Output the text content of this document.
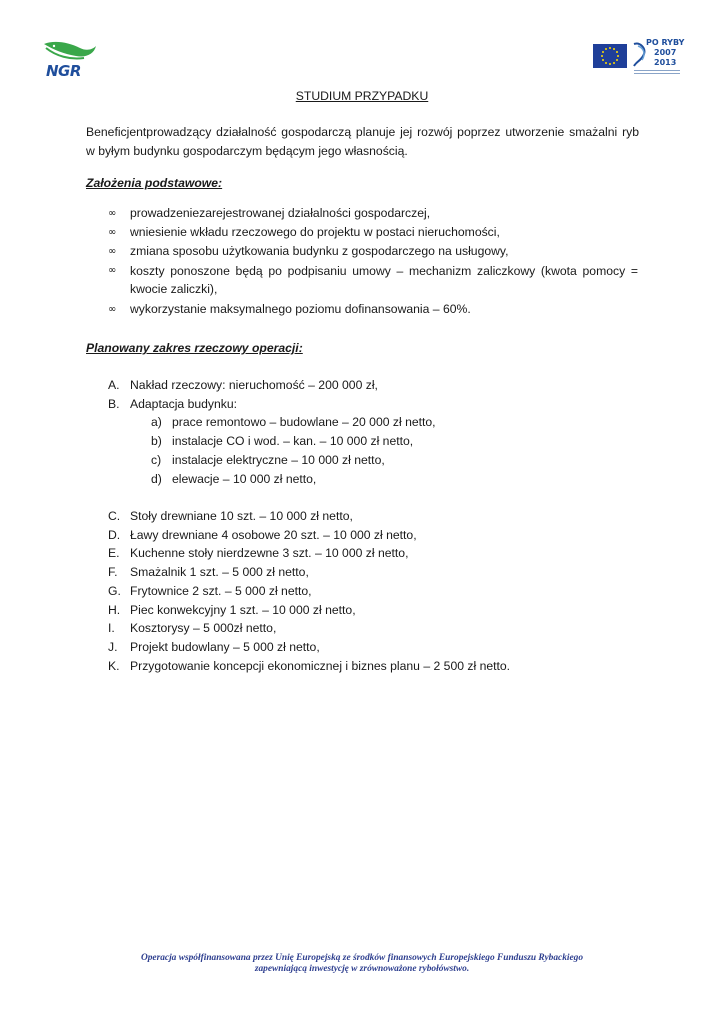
NGR
PO RYBY
2007
2013
STUDIUM PRZYPADKU
Beneficjentprowadzący działalność gospodarczą planuje jej rozwój poprzez utworzenie smażalni ryb
w byłym budynku gospodarczym będącym jego własnością.
Założenia podstawowe:
∞ prowadzeniezarejestrowanej działalności gospodarczej,
∞ wniesienie wkładu rzeczowego do projektu w postaci nieruchomości,
∞ zmiana sposobu użytkowania budynku z gospodarczego na usługowy,
∞ koszty ponoszone będą po podpisaniu umowy – mechanizm zaliczkowy (kwota pomocy = kwocie zaliczki),
∞ wykorzystanie maksymalnego poziomu dofinansowania – 60%.
Planowany zakres rzeczowy operacji:
A. Nakład rzeczowy: nieruchomość – 200 000 zł,
B. Adaptacja budynku:
a) prace remontowo – budowlane – 20 000 zł netto,
b) instalacje CO i wod. – kan. – 10 000 zł netto,
c) instalacje elektryczne – 10 000 zł netto,
d) elewacje – 10 000 zł netto,
C. Stoły drewniane 10 szt. – 10 000 zł netto,
D. Ławy drewniane 4 osobowe 20 szt. – 10 000 zł netto,
E. Kuchenne stoły nierdzewne 3 szt. – 10 000 zł netto,
F. Smażalnik 1 szt. – 5 000 zł netto,
G. Frytownice 2 szt. – 5 000 zł netto,
H. Piec konwekcyjny 1 szt. – 10 000 zł netto,
I. Kosztorysy – 5 000zł netto,
J. Projekt budowlany – 5 000 zł netto,
K. Przygotowanie koncepcji ekonomicznej i biznes planu – 2 500 zł netto.
Operacja współfinansowana przez Unię Europejską ze środków finansowych Europejskiego Funduszu Rybackiego
zapewniającą inwestycję w zrównoważone rybołówstwo.
